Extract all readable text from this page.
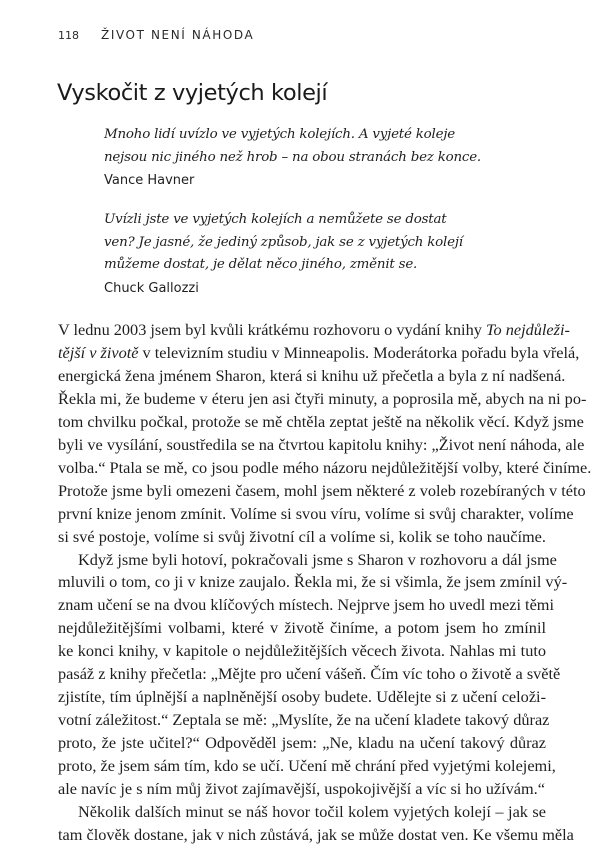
118 ŽIVOT NENÍ NÁHODA
Vyskočit z vyjetých kolejí

Mnoho lidí uvízlo ve vyjetých kolejích. A vyjeté koleje
nejsou nic jiného než hrob – na obou stranách bez konce.

Vance Havner

Uvízli jste ve vyjetých kolejích a nemůžete se dostat
ven? Je jasné, že jediný způsob, jak se z vyjetých kolejí
můžeme dostat, je dělat něco jiného, změnit se.

Chuck Gallozzi

V lednu 2003 jsem byl kvůli krátkému rozhovoru o vydání knihy To nejdůleži-
tější v životě v televizním studiu v Minneapolis. Moderátorka pořadu byla vřelá,
energická žena jménem Sharon, která si knihu už přečetla a byla z ní nadšená.
Řekla mi, že budeme v éteru jen asi čtyři minuty, a poprosila mě, abych na ni po-
tom chvilku počkal, protože se mě chtěla zeptat ještě na několik věcí. Když jsme
byli ve vysílání, soustředila se na čtvrtou kapitolu knihy: „Život není náhoda, ale
volba.“ Ptala se mě, co jsou podle mého názoru nejdůležitější volby, které činíme.
Protože jsme byli omezeni časem, mohl jsem některé z voleb rozebíraných v této
první knize jenom zmínit. Volíme si svou víru, volíme si svůj charakter, volíme
si své postoje, volíme si svůj životní cíl a volíme si, kolik se toho naučíme.

Když jsme byli hotoví, pokračovali jsme s Sharon v rozhovoru a dál jsme
mluvili o tom, co ji v knize zaujalo. Řekla mi, že si všimla, že jsem zmínil vý-
znam učení se na dvou klíčových místech. Nejprve jsem ho uvedl mezi těmi
nejdůležitějšími volbami, které v životě činíme, a potom jsem ho zmínil
ke konci knihy, v kapitole o nejdůležitějších věcech života. Nahlas mi tuto
pasáž z knihy přečetla: „Mějte pro učení vášeň. Čím víc toho o životě a světě
zjistíte, tím úplnější a naplněnější osoby budete. Udělejte si z učení celoži-
votní záležitost.“ Zeptala se mě: „Myslíte, že na učení kladete takový důraz
proto, že jste učitel?“ Odpověděl jsem: „Ne, kladu na učení takový důraz
proto, že jsem sám tím, kdo se učí. Učení mě chrání před vyjetými kolejemi,
ale navíc je s ním můj život zajímavější, uspokojivější a víc si ho užívám.“

Několik dalších minut se náš hovor točil kolem vyjetých kolejí – jak se
tam člověk dostane, jak v nich zůstává, jak se může dostat ven. Ke všemu měla
